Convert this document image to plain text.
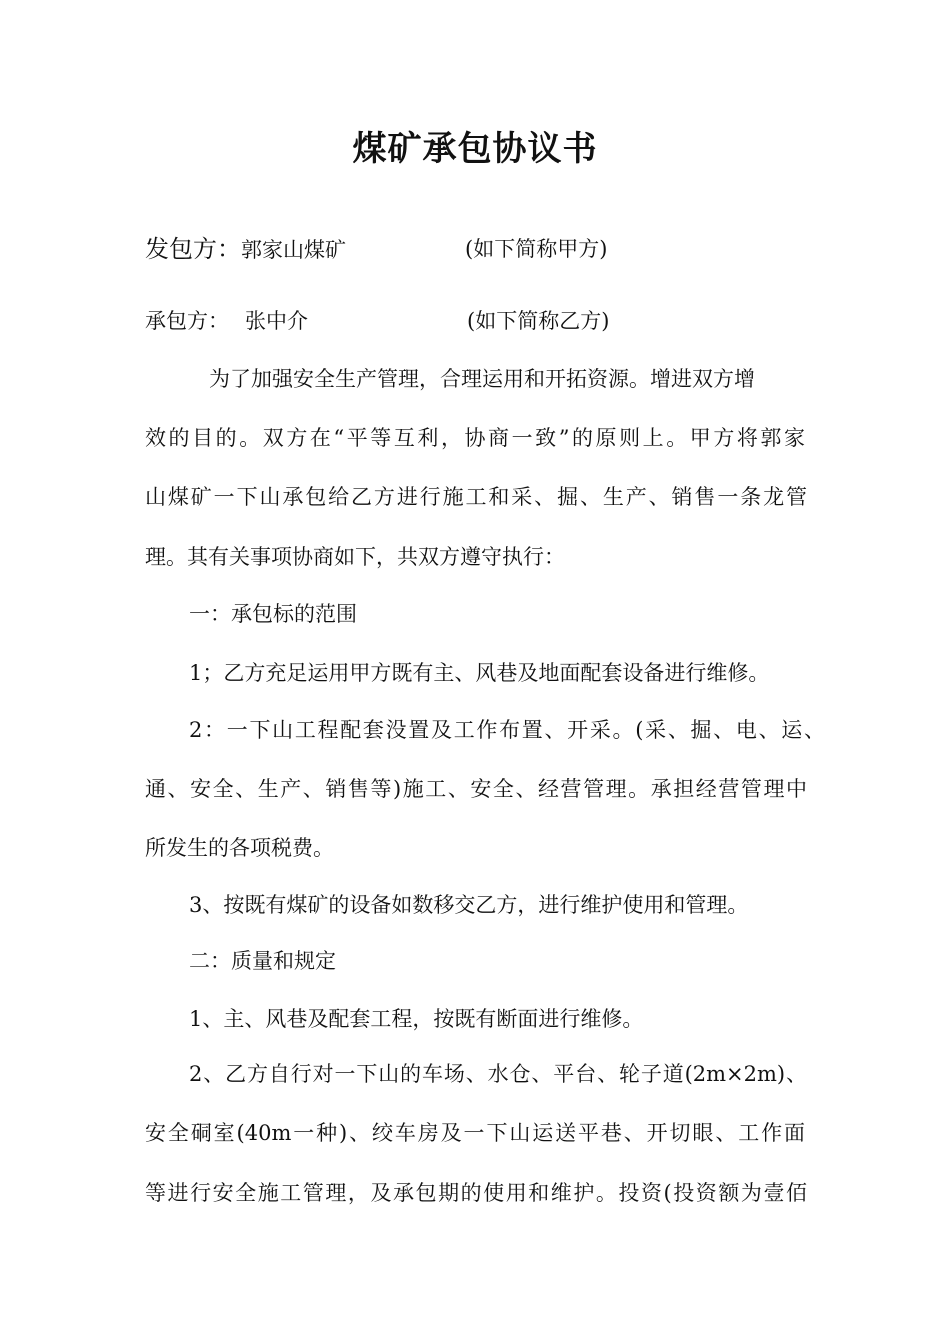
煤矿承包协议书
发包方：郭家山煤矿	(如下简称甲方)
承包方： 张中介	(如下简称乙方)
为了加强安全生产管理，合理运用和开拓资源。增进双方增
效的目的。双方在“平等互利，协商一致”的原则上。甲方将郭家
山煤矿一下山承包给乙方进行施工和采、掘、生产、销售一条龙管
理。其有关事项协商如下，共双方遵守执行：
一：承包标的范围
1；乙方充足运用甲方既有主、风巷及地面配套设备进行维修。
2：一下山工程配套没置及工作布置、开采。(采、掘、电、运、
通、安全、生产、销售等)施工、安全、经营管理。承担经营管理中
所发生的各项税费。
3、按既有煤矿的设备如数移交乙方，进行维护使用和管理。
二：质量和规定
1、主、风巷及配套工程，按既有断面进行维修。
2、乙方自行对一下山的车场、水仓、平台、轮子道(2m×2m)、
安全硐室(40m一种)、绞车房及一下山运送平巷、开切眼、工作面
等进行安全施工管理，及承包期的使用和维护。投资(投资额为壹佰
